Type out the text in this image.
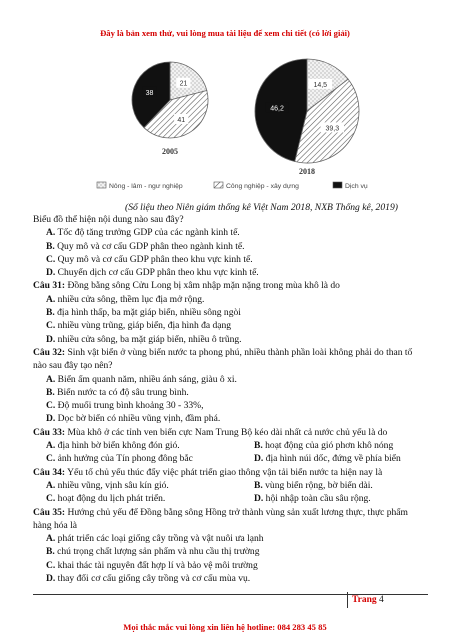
Đây là bản xem thử, vui lòng mua tài liệu để xem chi tiết (có lời giải)
21
41
38
2005
14,5
39,3
46,2
2018
Nông - lâm - ngư nghiệp	Công nghiệp - xây dựng	Dịch vụ
(Số liệu theo Niên giám thống kê Việt Nam 2018, NXB Thống kê, 2019)

Biểu đồ thể hiện nội dung nào sau đây?

A. Tốc độ tăng trưởng GDP của các ngành kinh tế.

B. Quy mô và cơ cấu GDP phân theo ngành kinh tế.

C. Quy mô và cơ cấu GDP phân theo khu vực kinh tế.

D. Chuyển dịch cơ cấu GDP phân theo khu vực kinh tế.

Câu 31: Đồng bằng sông Cửu Long bị xâm nhập mặn nặng trong mùa khô là do

A. nhiều cửa sông, thềm lục địa mở rộng.

B. địa hình thấp, ba mặt giáp biển, nhiều sông ngòi

C. nhiều vùng trũng, giáp biển, địa hình đa dạng

D. nhiều cửa sông, ba mặt giáp biển, nhiều ô trũng.

Câu 32: Sinh vật biển ở vùng biển nước ta phong phú, nhiều thành phần loài không phải do than tố nào sau đây tạo nên?

A. Biển ấm quanh năm, nhiều ánh sáng, giàu ô xi.

B. Biển nước ta có độ sâu trung bình.

C. Độ muối trung bình khoảng 30 - 33%,

D. Dọc bờ biển có nhiều vũng vịnh, đầm phá.

Câu 33: Mùa khô ở các tỉnh ven biển cực Nam Trung Bộ kéo dài nhất cả nước chủ yếu là do

A. địa hình bờ biển không đón gió.	B. hoạt động của gió phơn khô nóng
C. ảnh hưởng của Tín phong đông bắc	D. địa hình núi dốc, đứng về phía biển

Câu 34: Yếu tố chủ yếu thúc đẩy việc phát triển giao thông vận tải biển nước ta hiện nay là

A. nhiều vũng, vịnh sâu kín gió.	B. vùng biển rộng, bờ biển dài.
C. hoạt động du lịch phát triển.	D. hội nhập toàn cầu sâu rộng.

Câu 35: Hướng chủ yếu để Đồng bằng sông Hồng trở thành vùng sản xuất lương thực, thực phẩm hàng hóa là

A. phát triển các loại giống cây trồng và vật nuôi ưa lạnh

B. chú trọng chất lượng sản phẩm và nhu cầu thị trường

C. khai thác tài nguyên đất hợp lí và bảo vệ môi trường

D. thay đổi cơ cấu giống cây trồng và cơ cấu mùa vụ.

Trang 4
Mọi thắc mắc vui lòng xin liên hệ hotline: 084 283 45 85
